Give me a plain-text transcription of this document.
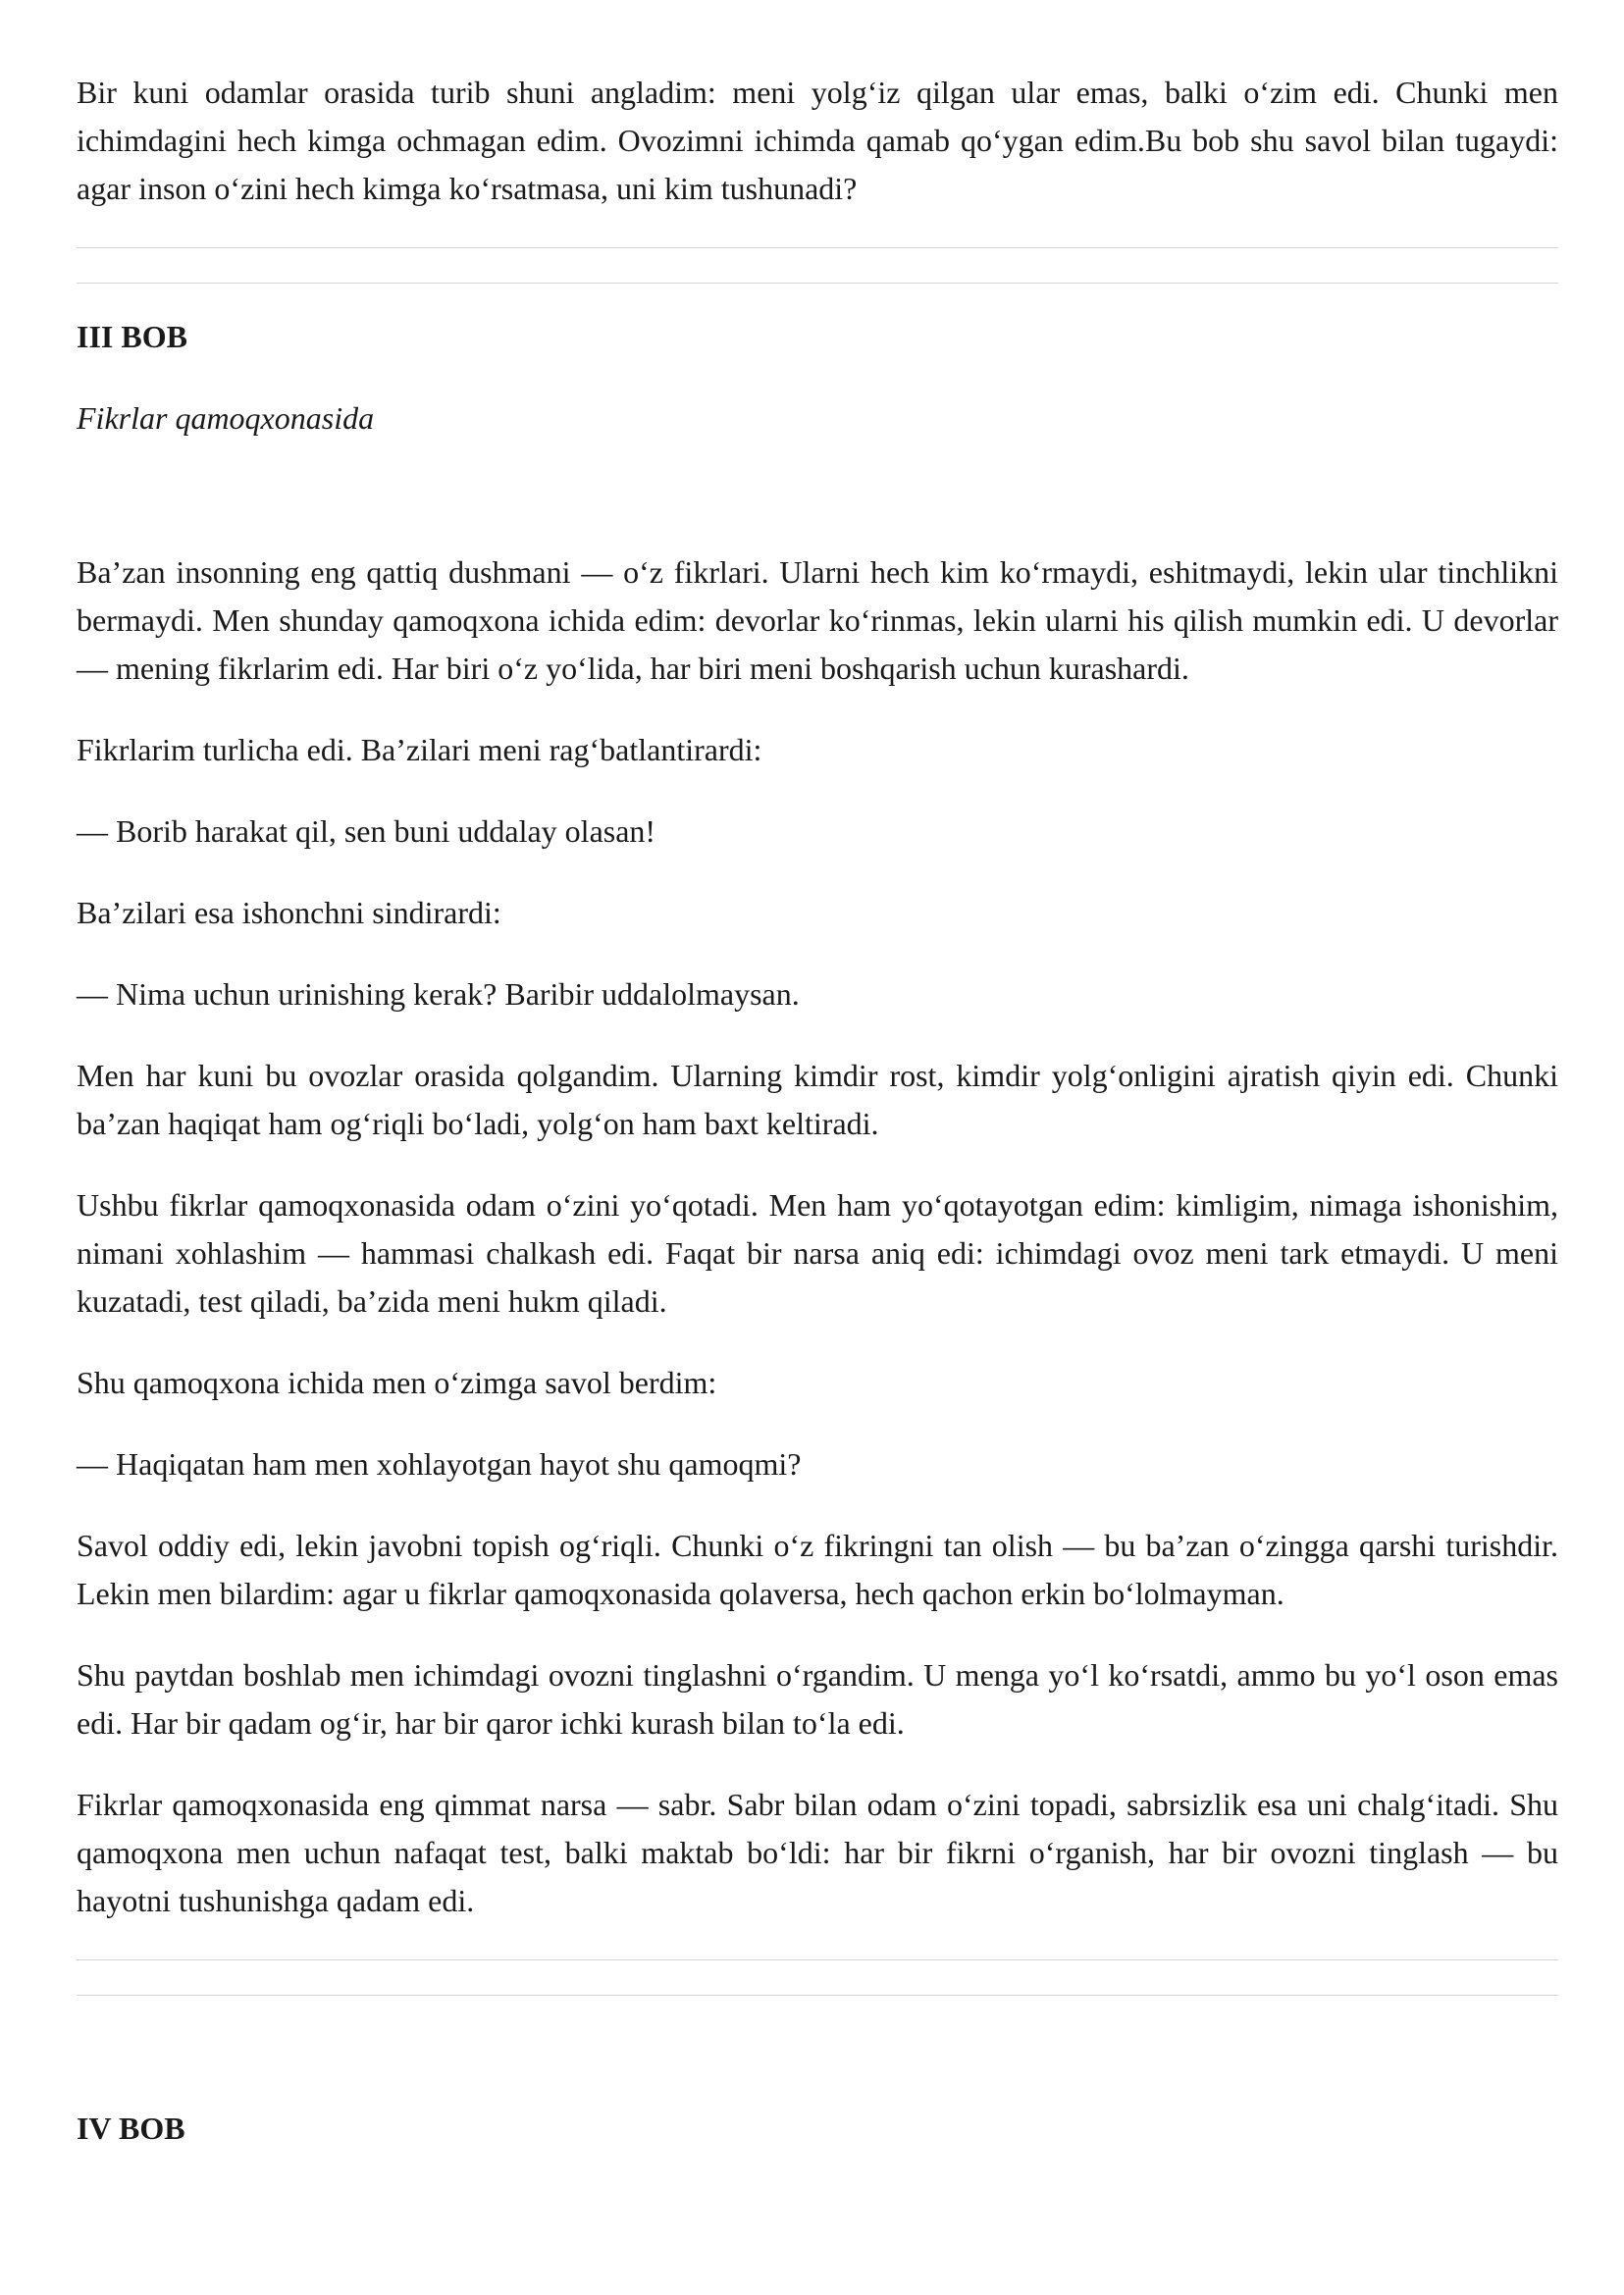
Bir kuni odamlar orasida turib shuni angladim: meni yolg‘iz qilgan ular emas, balki o‘zim edi. Chunki men ichimdagini hech kimga ochmagan edim. Ovozimni ichimda qamab qo‘ygan edim.Bu bob shu savol bilan tugaydi: agar inson o‘zini hech kimga ko‘rsatmasa, uni kim tushunadi?

III BOB

Fikrlar qamoqxonasida

Ba’zan insonning eng qattiq dushmani — o‘z fikrlari. Ularni hech kim ko‘rmaydi, eshitmaydi, lekin ular tinchlikni bermaydi. Men shunday qamoqxona ichida edim: devorlar ko‘rinmas, lekin ularni his qilish mumkin edi. U devorlar — mening fikrlarim edi. Har biri o‘z yo‘lida, har biri meni boshqarish uchun kurashardi.

Fikrlarim turlicha edi. Ba’zilari meni rag‘batlantirardi:

— Borib harakat qil, sen buni uddalay olasan!

Ba’zilari esa ishonchni sindirardi:

— Nima uchun urinishing kerak? Baribir uddalolmaysan.

Men har kuni bu ovozlar orasida qolgandim. Ularning kimdir rost, kimdir yolg‘onligini ajratish qiyin edi. Chunki ba’zan haqiqat ham og‘riqli bo‘ladi, yolg‘on ham baxt keltiradi.

Ushbu fikrlar qamoqxonasida odam o‘zini yo‘qotadi. Men ham yo‘qotayotgan edim: kimligim, nimaga ishonishim, nimani xohlashim — hammasi chalkash edi. Faqat bir narsa aniq edi: ichimdagi ovoz meni tark etmaydi. U meni kuzatadi, test qiladi, ba’zida meni hukm qiladi.

Shu qamoqxona ichida men o‘zimga savol berdim:

— Haqiqatan ham men xohlayotgan hayot shu qamoqmi?

Savol oddiy edi, lekin javobni topish og‘riqli. Chunki o‘z fikringni tan olish — bu ba’zan o‘zingga qarshi turishdir. Lekin men bilardim: agar u fikrlar qamoqxonasida qolaversa, hech qachon erkin bo‘lolmayman.

Shu paytdan boshlab men ichimdagi ovozni tinglashni o‘rgandim. U menga yo‘l ko‘rsatdi, ammo bu yo‘l oson emas edi. Har bir qadam og‘ir, har bir qaror ichki kurash bilan to‘la edi.

Fikrlar qamoqxonasida eng qimmat narsa — sabr. Sabr bilan odam o‘zini topadi, sabrsizlik esa uni chalg‘itadi. Shu qamoqxona men uchun nafaqat test, balki maktab bo‘ldi: har bir fikrni o‘rganish, har bir ovozni tinglash — bu hayotni tushunishga qadam edi.

IV BOB
